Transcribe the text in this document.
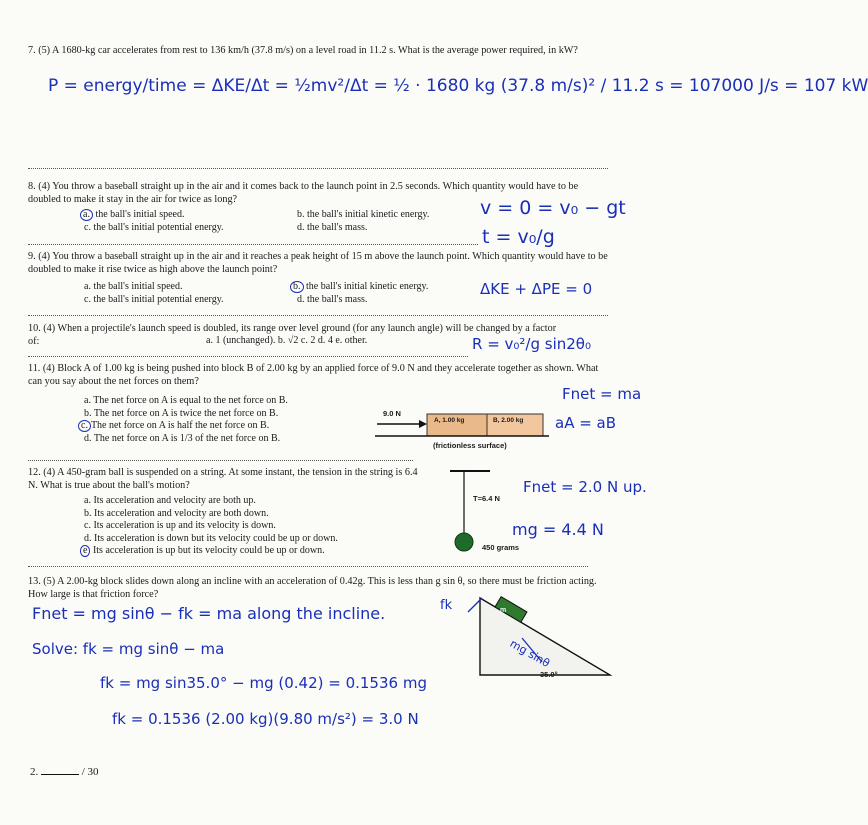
7. (5) A 1680-kg car accelerates from rest to 136 km/h (37.8 m/s) on a level road in 11.2 s. What is the average power required, in kW?
P = energy/time = ΔKE/Δt = ½mv²/Δt = ½ · 1680 kg (37.8 m/s)² / 11.2 s = 107000 J/s = 107 kW
8. (4) You throw a baseball straight up in the air and it comes back to the launch point in 2.5 seconds. Which quantity would have to be doubled to make it stay in the air for twice as long?
a. the ball's initial speed.	b. the ball's initial kinetic energy.
c. the ball's initial potential energy.	d. the ball's mass.
v = 0 = v₀ − gt
t = v₀/g
9. (4) You throw a baseball straight up in the air and it reaches a peak height of 15 m above the launch point. Which quantity would have to be doubled to make it rise twice as high above the launch point?
a. the ball's initial speed.	b. the ball's initial kinetic energy.
c. the ball's initial potential energy.	d. the ball's mass.
ΔKE + ΔPE = 0
10. (4) When a projectile's launch speed is doubled, its range over level ground (for any launch angle) will be changed by a factor of:	a. 1 (unchanged). b. √2 c. 2 d. 4 e. other.	R = v₀²/g sin2θ₀
11. (4) Block A of 1.00 kg is being pushed into block B of 2.00 kg by an applied force of 9.0 N and they accelerate together as shown. What can you say about the net forces on them?
a. The net force on A is equal to the net force on B.
b. The net force on A is twice the net force on B.
c. The net force on A is half the net force on B.
d. The net force on A is 1/3 of the net force on B.
9.0 N
A, 1.00 kg	B, 2.00 kg
(frictionless surface)
Fnet = ma
aA = aB
12. (4) A 450-gram ball is suspended on a string. At some instant, the tension in the string is 6.4 N. What is true about the ball's motion?
a. Its acceleration and velocity are both up.
b. Its acceleration and velocity are both down.
c. Its acceleration is up and its velocity is down.
d. Its acceleration is down but its velocity could be up or down.
e Its acceleration is up but its velocity could be up or down.
T=6.4 N
450 grams
Fnet = 2.0 N up.
mg = 4.4 N
13. (5) A 2.00-kg block slides down along an incline with an acceleration of 0.42g. This is less than g sin θ, so there must be friction acting. How large is that friction force?
m
35.0°
fk
mg sinθ
Fnet = mg sinθ − fk = ma along the incline.
Solve: fk = mg sinθ − ma
fk = mg sin35.0° − mg (0.42) = 0.1536 mg
fk = 0.1536 (2.00 kg)(9.80 m/s²) = 3.0 N
2.	/ 30
